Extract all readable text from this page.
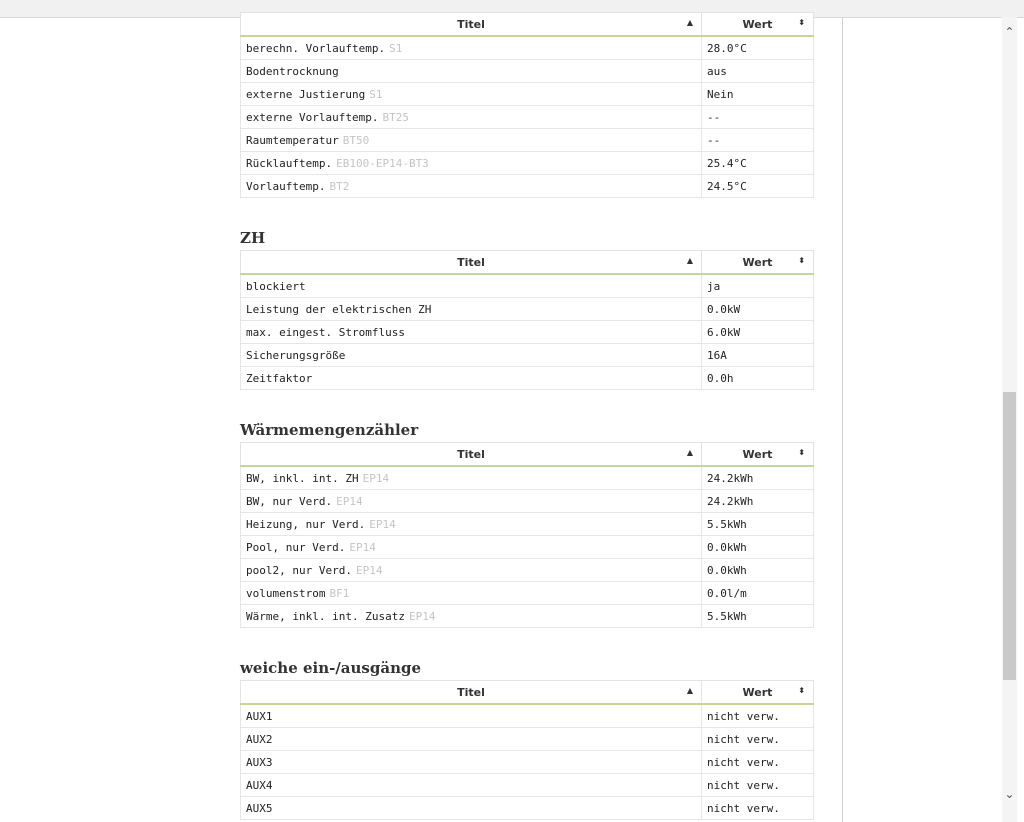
Titel ▲	Wert ⬍

berechn. Vorlauftemp. S1	28.0°C
Bodentrocknung	aus
externe Justierung S1	Nein
externe Vorlauftemp. BT25	--
Raumtemperatur BT50	--
Rücklauftemp. EB100-EP14-BT3	25.4°C
Vorlauftemp. BT2	24.5°C
ZH
Titel ▲	Wert ⬍

blockiert	ja
Leistung der elektrischen ZH	0.0kW
max. eingest. Stromfluss	6.0kW
Sicherungsgröße	16A
Zeitfaktor	0.0h
Wärmemengenzähler
Titel ▲	Wert ⬍

BW, inkl. int. ZH EP14	24.2kWh
BW, nur Verd. EP14	24.2kWh
Heizung, nur Verd. EP14	5.5kWh
Pool, nur Verd. EP14	0.0kWh
pool2, nur Verd. EP14	0.0kWh
volumenstrom BF1	0.0l/m
Wärme, inkl. int. Zusatz EP14	5.5kWh
weiche ein-/ausgänge
Titel ▲	Wert ⬍

AUX1	nicht verw.
AUX2	nicht verw.
AUX3	nicht verw.
AUX4	nicht verw.
AUX5	nicht verw.
⌃
⌄
